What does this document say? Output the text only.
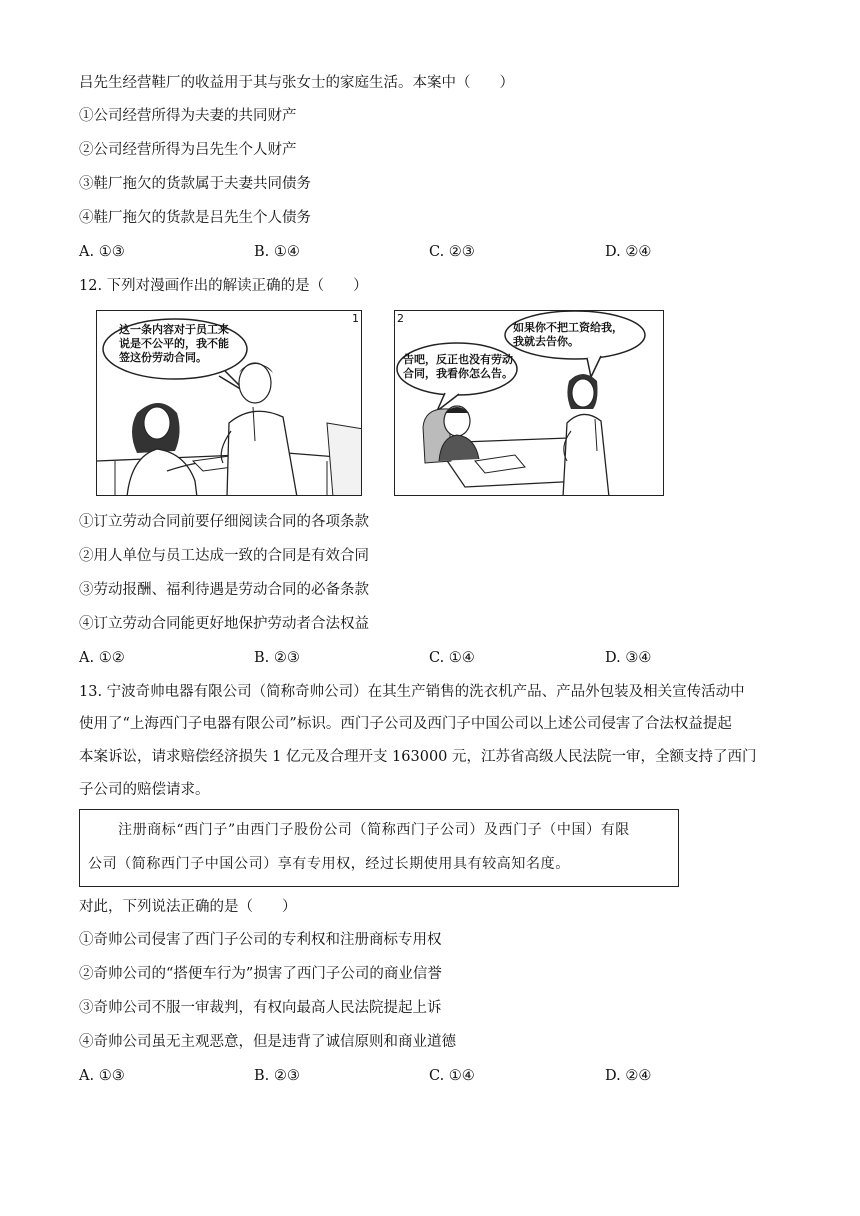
吕先生经营鞋厂的收益用于其与张女士的家庭生活。本案中（　　）
①公司经营所得为夫妻的共同财产
②公司经营所得为吕先生个人财产
③鞋厂拖欠的货款属于夫妻共同债务
④鞋厂拖欠的货款是吕先生个人债务
A. ①③	B. ①④	C. ②③	D. ②④
12. 下列对漫画作出的解读正确的是（　　）
1
这一条内容对于员工来
说是不公平的，我不能
签这份劳动合同。
2
告吧，反正也没有劳动
合同，我看你怎么告。
如果你不把工资给我，
我就去告你。
①订立劳动合同前要仔细阅读合同的各项条款
②用人单位与员工达成一致的合同是有效合同
③劳动报酬、福利待遇是劳动合同的必备条款
④订立劳动合同能更好地保护劳动者合法权益
A. ①②	B. ②③	C. ①④	D. ③④
13. 宁波奇帅电器有限公司（简称奇帅公司）在其生产销售的洗衣机产品、产品外包装及相关宣传活动中
使用了“上海西门子电器有限公司”标识。西门子公司及西门子中国公司以上述公司侵害了合法权益提起
本案诉讼，请求赔偿经济损失 1 亿元及合理开支 163000 元，江苏省高级人民法院一审，全额支持了西门
子公司的赔偿请求。
注册商标“西门子”由西门子股份公司（简称西门子公司）及西门子（中国）有限
公司（简称西门子中国公司）享有专用权，经过长期使用具有较高知名度。
对此，下列说法正确的是（　　）
①奇帅公司侵害了西门子公司的专利权和注册商标专用权
②奇帅公司的“搭便车行为”损害了西门子公司的商业信誉
③奇帅公司不服一审裁判，有权向最高人民法院提起上诉
④奇帅公司虽无主观恶意，但是违背了诚信原则和商业道德
A. ①③	B. ②③	C. ①④	D. ②④
